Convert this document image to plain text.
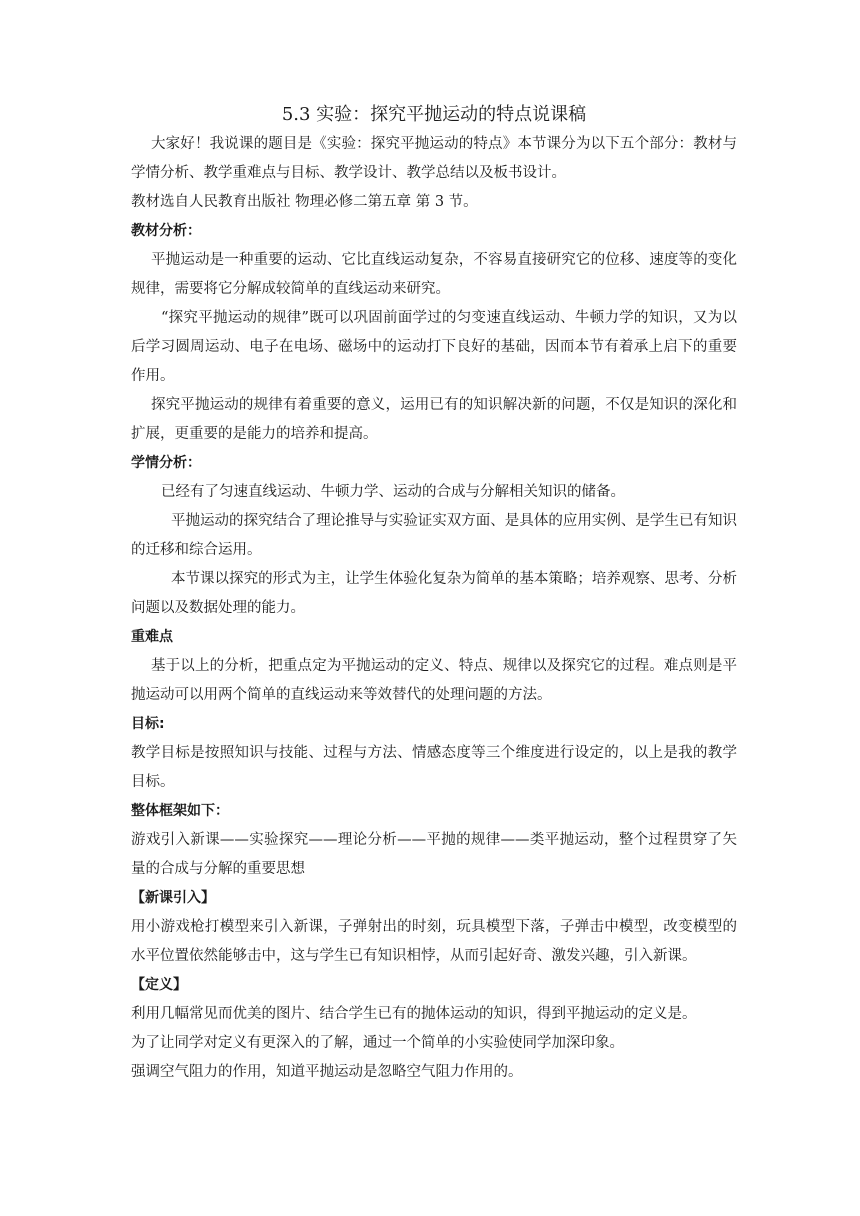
5.3 实验：探究平抛运动的特点说课稿

大家好！我说课的题目是《实验：探究平抛运动的特点》本节课分为以下五个部分：教材与学情分析、教学重难点与目标、教学设计、教学总结以及板书设计。

教材选自人民教育出版社 物理必修二第五章 第 3 节。

教材分析：

平抛运动是一种重要的运动、它比直线运动复杂，不容易直接研究它的位移、速度等的变化规律，需要将它分解成较简单的直线运动来研究。

“探究平抛运动的规律”既可以巩固前面学过的匀变速直线运动、牛顿力学的知识，又为以后学习圆周运动、电子在电场、磁场中的运动打下良好的基础，因而本节有着承上启下的重要作用。

探究平抛运动的规律有着重要的意义，运用已有的知识解决新的问题，不仅是知识的深化和扩展，更重要的是能力的培养和提高。

学情分析：

已经有了匀速直线运动、牛顿力学、运动的合成与分解相关知识的储备。

平抛运动的探究结合了理论推导与实验证实双方面、是具体的应用实例、是学生已有知识的迁移和综合运用。

本节课以探究的形式为主，让学生体验化复杂为简单的基本策略；培养观察、思考、分析问题以及数据处理的能力。

重难点

基于以上的分析，把重点定为平抛运动的定义、特点、规律以及探究它的过程。难点则是平抛运动可以用两个简单的直线运动来等效替代的处理问题的方法。

目标:

教学目标是按照知识与技能、过程与方法、情感态度等三个维度进行设定的，以上是我的教学目标。

整体框架如下：

游戏引入新课——实验探究——理论分析——平抛的规律——类平抛运动，整个过程贯穿了矢量的合成与分解的重要思想

【新课引入】

用小游戏枪打模型来引入新课，子弹射出的时刻，玩具模型下落，子弹击中模型，改变模型的水平位置依然能够击中，这与学生已有知识相悖，从而引起好奇、激发兴趣，引入新课。

【定义】

利用几幅常见而优美的图片、结合学生已有的抛体运动的知识，得到平抛运动的定义是。

为了让同学对定义有更深入的了解，通过一个简单的小实验使同学加深印象。

强调空气阻力的作用，知道平抛运动是忽略空气阻力作用的。
